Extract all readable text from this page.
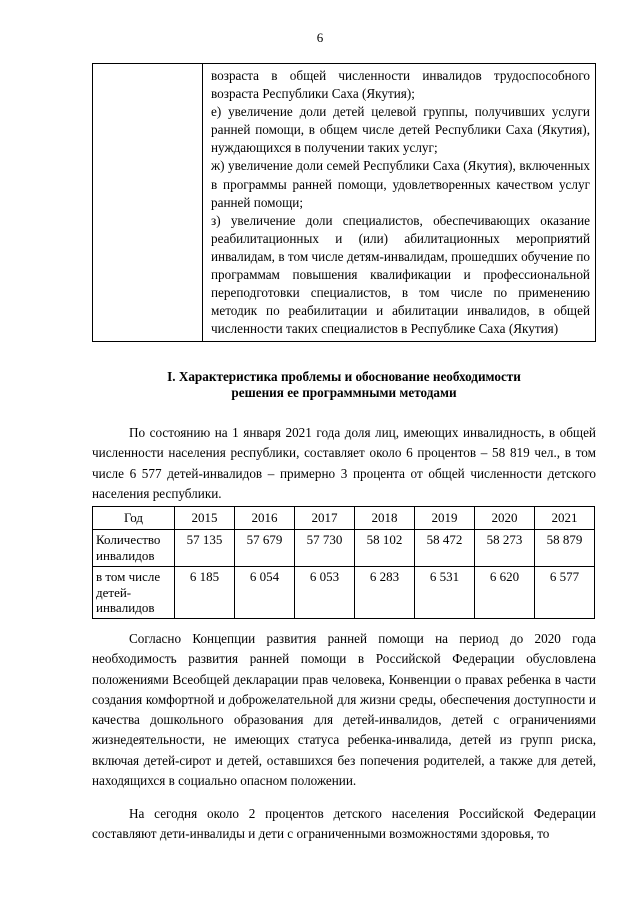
6

возраста в общей численности инвалидов трудоспособного возраста Республики Саха (Якутия);

е) увеличение доли детей целевой группы, получивших услуги ранней помощи, в общем числе детей Республики Саха (Якутия), нуждающихся в получении таких услуг;

ж) увеличение доли семей Республики Саха (Якутия), включенных в программы ранней помощи, удовлетворенных качеством услуг ранней помощи;

з) увеличение доли специалистов, обеспечивающих оказание реабилитационных и (или) абилитационных мероприятий инвалидам, в том числе детям-инвалидам, прошедших обучение по программам повышения квалификации и профессиональной переподготовки специалистов, в том числе по применению методик по реабилитации и абилитации инвалидов, в общей численности таких специалистов в Республике Саха (Якутия)

I. Характеристика проблемы и обоснование необходимости
решения ее программными методами

По состоянию на 1 января 2021 года доля лиц, имеющих инвалидность, в общей численности населения республики, составляет около 6 процентов – 58 819 чел., в том числе 6 577 детей-инвалидов – примерно 3 процента от общей численности детского населения республики.

Год	2015	2016	2017	2018	2019	2020	2021
Количество инвалидов	57 135	57 679	57 730	58 102	58 472	58 273	58 879
в том числе детей-инвалидов	6 185	6 054	6 053	6 283	6 531	6 620	6 577

Согласно Концепции развития ранней помощи на период до 2020 года необходимость развития ранней помощи в Российской Федерации обусловлена положениями Всеобщей декларации прав человека, Конвенции о правах ребенка в части создания комфортной и доброжелательной для жизни среды, обеспечения доступности и качества дошкольного образования для детей-инвалидов, детей с ограничениями жизнедеятельности, не имеющих статуса ребенка-инвалида, детей из групп риска, включая детей-сирот и детей, оставшихся без попечения родителей, а также для детей, находящихся в социально опасном положении.

На сегодня около 2 процентов детского населения Российской Федерации составляют дети-инвалиды и дети с ограниченными возможностями здоровья, то
